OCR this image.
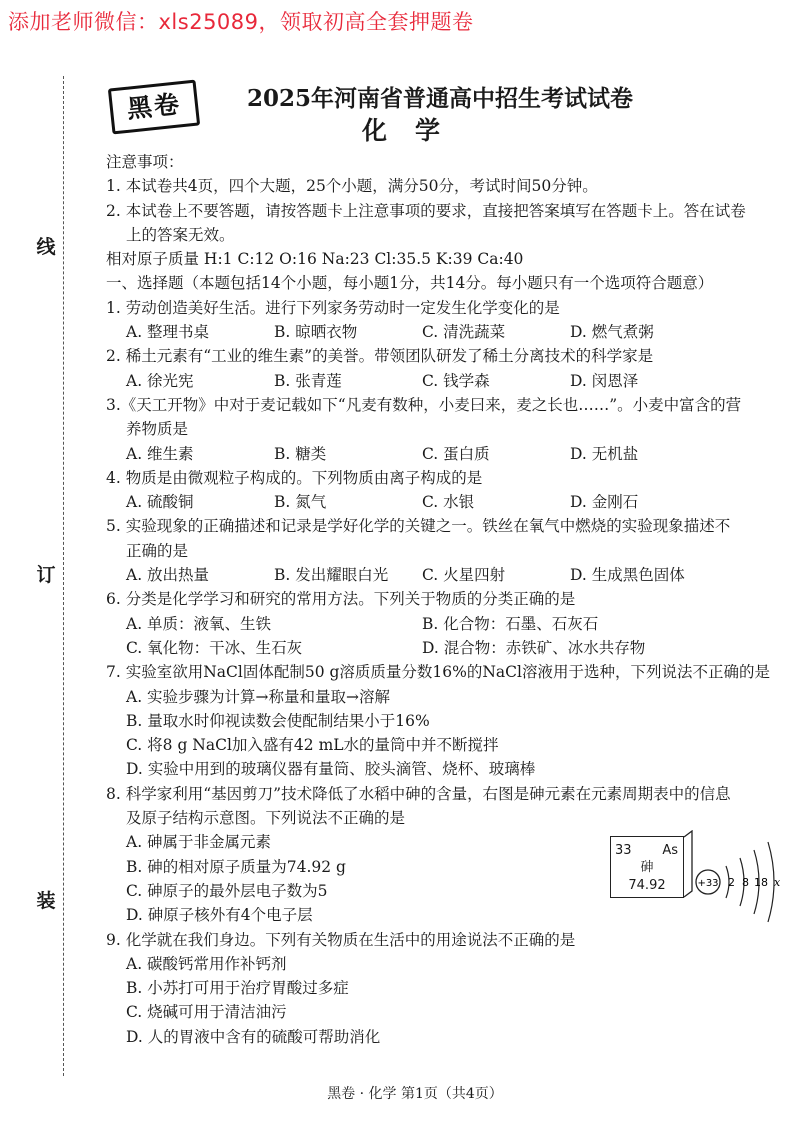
添加老师微信：xls25089，领取初高全套押题卷
线
订
装
黑卷	2025年河南省普通高中招生考试试卷
化学
注意事项：
1. 本试卷共4页，四个大题，25个小题，满分50分，考试时间50分钟。
2. 本试卷上不要答题，请按答题卡上注意事项的要求，直接把答案填写在答题卡上。答在试卷
上的答案无效。
相对原子质量 H:1 C:12 O:16 Na:23 Cl:35.5 K:39 Ca:40
一、选择题（本题包括14个小题，每小题1分，共14分。每小题只有一个选项符合题意）
1. 劳动创造美好生活。进行下列家务劳动时一定发生化学变化的是
A. 整理书桌	B. 晾晒衣物	C. 清洗蔬菜	D. 燃气煮粥
2. 稀土元素有“工业的维生素”的美誉。带领团队研发了稀土分离技术的科学家是
A. 徐光宪	B. 张青莲	C. 钱学森	D. 闵恩泽
3.《天工开物》中对于麦记载如下“凡麦有数种，小麦曰来，麦之长也……”。小麦中富含的营
养物质是
A. 维生素	B. 糖类	C. 蛋白质	D. 无机盐
4. 物质是由微观粒子构成的。下列物质由离子构成的是
A. 硫酸铜	B. 氮气	C. 水银	D. 金刚石
5. 实验现象的正确描述和记录是学好化学的关键之一。铁丝在氧气中燃烧的实验现象描述不
正确的是
A. 放出热量	B. 发出耀眼白光	C. 火星四射	D. 生成黑色固体
6. 分类是化学学习和研究的常用方法。下列关于物质的分类正确的是
A. 单质：液氧、生铁	B. 化合物：石墨、石灰石
C. 氧化物：干冰、生石灰	D. 混合物：赤铁矿、冰水共存物
7. 实验室欲用NaCl固体配制50 g溶质质量分数16%的NaCl溶液用于选种，下列说法不正确的是
A. 实验步骤为计算→称量和量取→溶解
B. 量取水时仰视读数会使配制结果小于16%
C. 将8 g NaCl加入盛有42 mL水的量筒中并不断搅拌
D. 实验中用到的玻璃仪器有量筒、胶头滴管、烧杯、玻璃棒
8. 科学家利用“基因剪刀”技术降低了水稻中砷的含量，右图是砷元素在元素周期表中的信息
及原子结构示意图。下列说法不正确的是
A. 砷属于非金属元素
B. 砷的相对原子质量为74.92 g
C. 砷原子的最外层电子数为5
D. 砷原子核外有4个电子层
33 As
砷
74.92	+33 2 8 18 x
9. 化学就在我们身边。下列有关物质在生活中的用途说法不正确的是
A. 碳酸钙常用作补钙剂
B. 小苏打可用于治疗胃酸过多症
C. 烧碱可用于清洁油污
D. 人的胃液中含有的硫酸可帮助消化
黑卷 · 化学 第1页（共4页）
